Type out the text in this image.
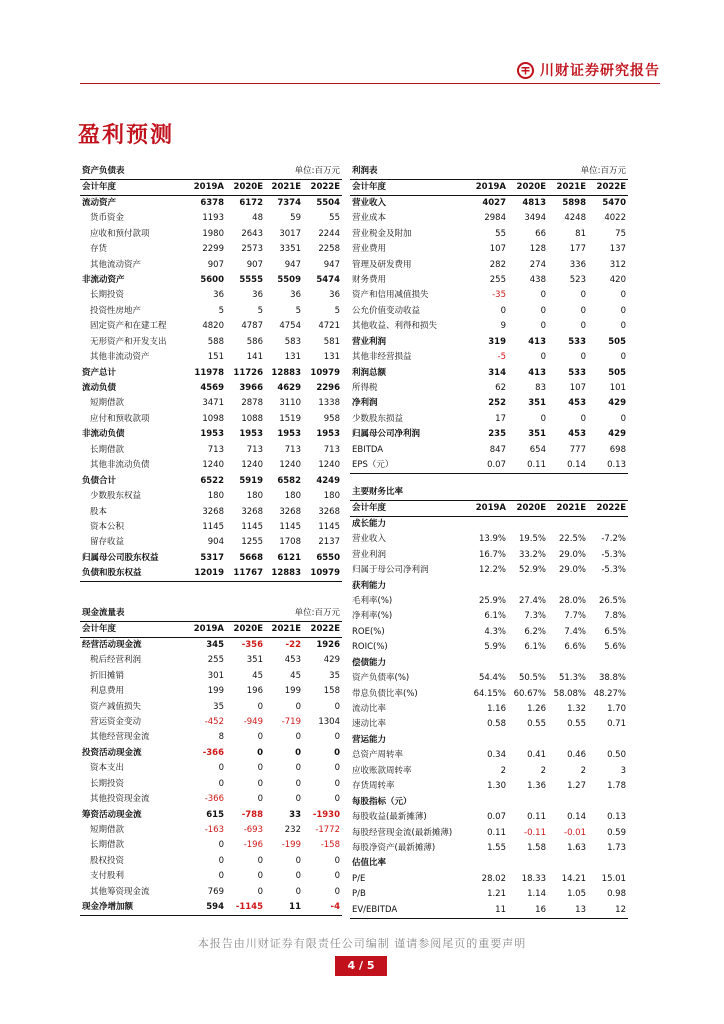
川财证券研究报告
盈利预测
资产负债表	单位:百万元			
会计年度	2019A	2020E	2021E	2022E
流动资产	6378	6172	7374	5504
货币资金	1193	48	59	55
应收和预付款项	1980	2643	3017	2244
存货	2299	2573	3351	2258
其他流动资产	907	907	947	947
非流动资产	5600	5555	5509	5474
长期投资	36	36	36	36
投资性房地产	5	5	5	5
固定资产和在建工程	4820	4787	4754	4721
无形资产和开发支出	588	586	583	581
其他非流动资产	151	141	131	131
资产总计	11978	11726	12883	10979
流动负债	4569	3966	4629	2296
短期借款	3471	2878	3110	1338
应付和预收款项	1098	1088	1519	958
非流动负债	1953	1953	1953	1953
长期借款	713	713	713	713
其他非流动负债	1240	1240	1240	1240
负债合计	6522	5919	6582	4249
少数股东权益	180	180	180	180
股本	3268	3268	3268	3268
资本公积	1145	1145	1145	1145
留存收益	904	1255	1708	2137
归属母公司股东权益	5317	5668	6121	6550
负债和股东权益	12019	11767	12883	10979
利润表	单位:百万元			
会计年度	2019A	2020E	2021E	2022E
营业收入	4027	4813	5898	5470
营业成本	2984	3494	4248	4022
营业税金及附加	55	66	81	75
营业费用	107	128	177	137
管理及研发费用	282	274	336	312
财务费用	255	438	523	420
资产和信用减值损失	-35	0	0	0
公允价值变动收益	0	0	0	0
其他收益、利得和损失	9	0	0	0
营业利润	319	413	533	505
其他非经营损益	-5	0	0	0
利润总额	314	413	533	505
所得税	62	83	107	101
净利润	252	351	453	429
少数股东损益	17	0	0	0
归属母公司净利润	235	351	453	429
EBITDA	847	654	777	698
EPS（元）	0.07	0.11	0.14	0.13
主要财务比率				
会计年度	2019A	2020E	2021E	2022E
成长能力				
营业收入	13.9%	19.5%	22.5%	-7.2%
营业利润	16.7%	33.2%	29.0%	-5.3%
归属于母公司净利润	12.2%	52.9%	29.0%	-5.3%
获利能力				
毛利率(%)	25.9%	27.4%	28.0%	26.5%
净利率(%)	6.1%	7.3%	7.7%	7.8%
ROE(%)	4.3%	6.2%	7.4%	6.5%
ROIC(%)	5.9%	6.1%	6.6%	5.6%
偿债能力				
资产负债率(%)	54.4%	50.5%	51.3%	38.8%
带息负债比率(%)	64.15%	60.67%	58.08%	48.27%
流动比率	1.16	1.26	1.32	1.70
速动比率	0.58	0.55	0.55	0.71
营运能力				
总资产周转率	0.34	0.41	0.46	0.50
应收账款周转率	2	2	2	3
存货周转率	1.30	1.36	1.27	1.78
每股指标（元）				
每股收益(最新摊薄)	0.07	0.11	0.14	0.13
每股经营现金流(最新摊薄)	0.11	-0.11	-0.01	0.59
每股净资产(最新摊薄)	1.55	1.58	1.63	1.73
估值比率				
P/E	28.02	18.33	14.21	15.01
P/B	1.21	1.14	1.05	0.98
EV/EBITDA	11	16	13	12
现金流量表	单位:百万元			
会计年度	2019A	2020E	2021E	2022E
经营活动现金流	345	-356	-22	1926
税后经营利润	255	351	453	429
折旧摊销	301	45	45	35
利息费用	199	196	199	158
资产减值损失	35	0	0	0
营运资金变动	-452	-949	-719	1304
其他经营现金流	8	0	0	0
投资活动现金流	-366	0	0	0
资本支出	0	0	0	0
长期投资	0	0	0	0
其他投资现金流	-366	0	0	0
筹资活动现金流	615	-788	33	-1930
短期借款	-163	-693	232	-1772
长期借款	0	-196	-199	-158
股权投资	0	0	0	0
支付股利	0	0	0	0
其他筹资现金流	769	0	0	0
现金净增加额	594	-1145	11	-4
本报告由川财证券有限责任公司编制 谨请参阅尾页的重要声明
4 / 5
